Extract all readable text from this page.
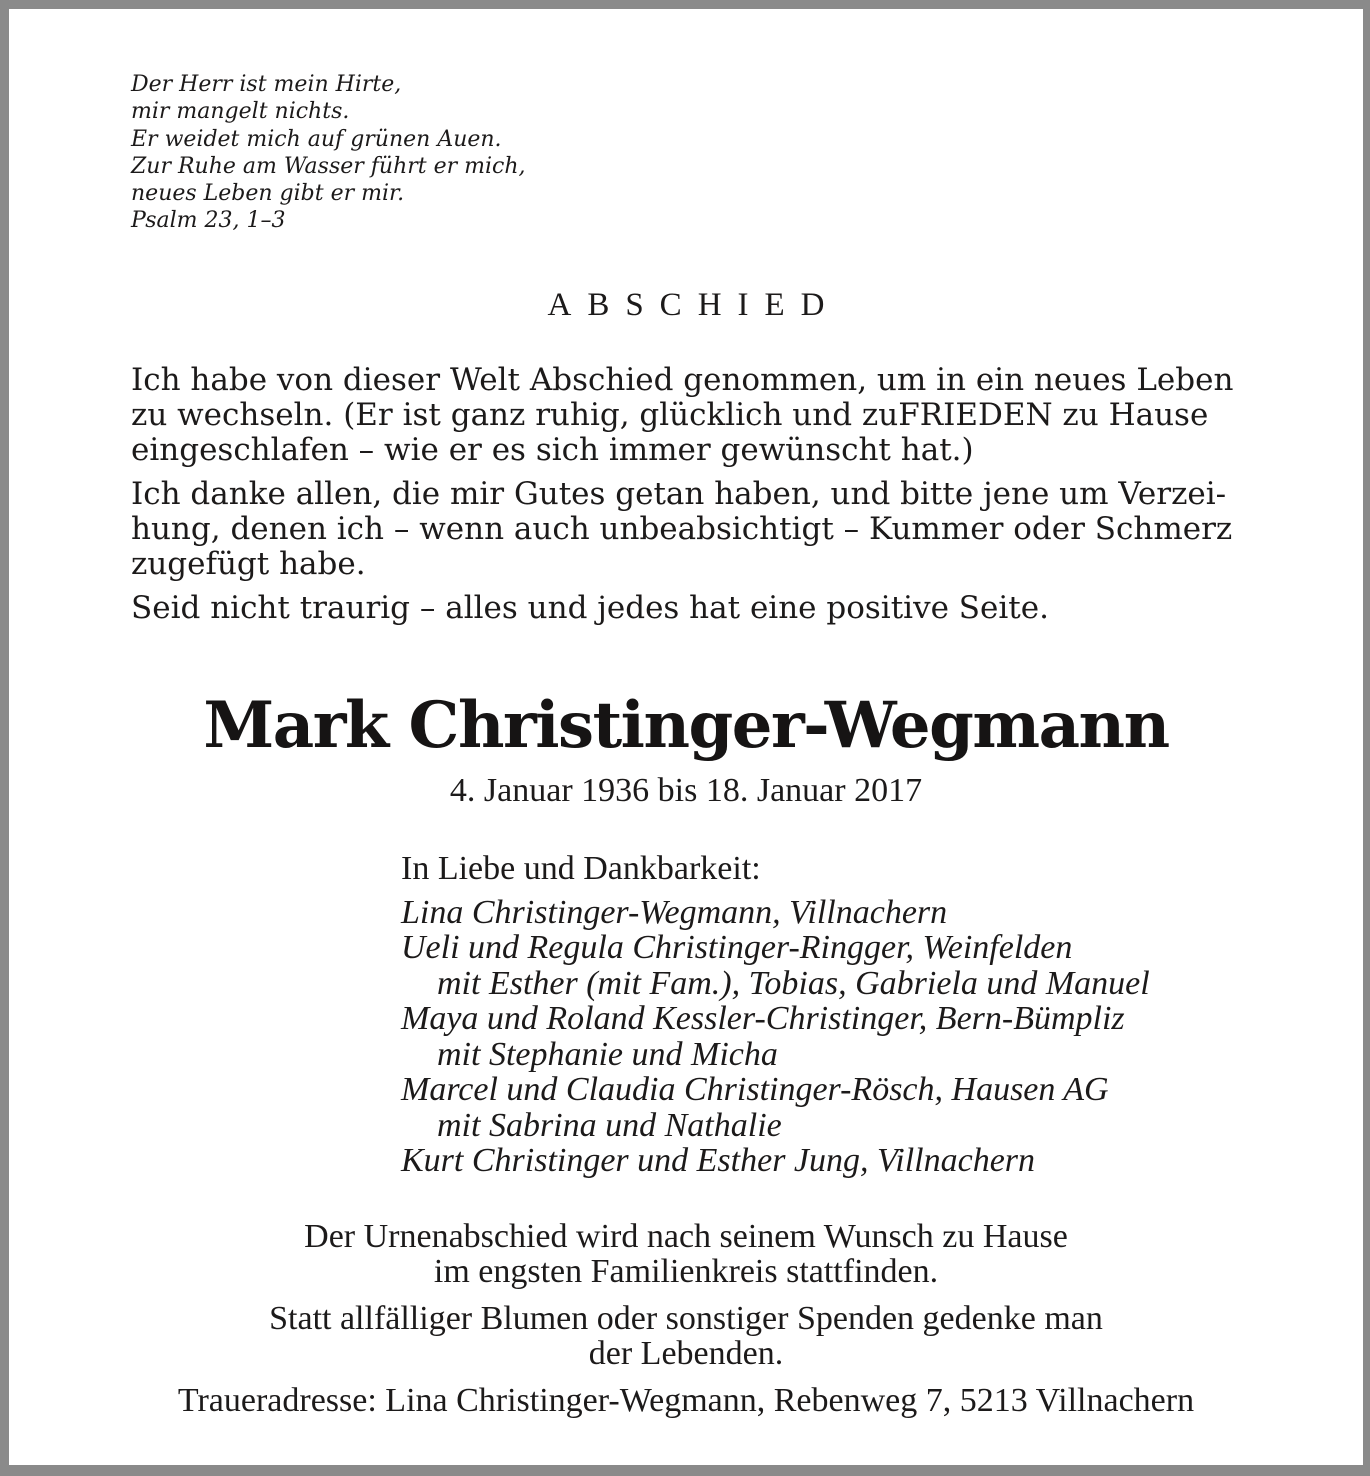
Der Herr ist mein Hirte,
mir mangelt nichts.
Er weidet mich auf grünen Auen.
Zur Ruhe am Wasser führt er mich,
neues Leben gibt er mir.
Psalm 23, 1–3
ABSCHIED
Ich habe von dieser Welt Abschied genommen, um in ein neues Leben
zu wechseln. (Er ist ganz ruhig, glücklich und zuFRIEDEN zu Hause
eingeschlafen – wie er es sich immer gewünscht hat.)
Ich danke allen, die mir Gutes getan haben, und bitte jene um Verzei-
hung, denen ich – wenn auch unbeabsichtigt – Kummer oder Schmerz
zugefügt habe.
Seid nicht traurig – alles und jedes hat eine positive Seite.
Mark Christinger-Wegmann
4. Januar 1936 bis 18. Januar 2017
In Liebe und Dankbarkeit:
Lina Christinger-Wegmann, Villnachern
Ueli und Regula Christinger-Ringger, Weinfelden
mit Esther (mit Fam.), Tobias, Gabriela und Manuel
Maya und Roland Kessler-Christinger, Bern-Bümpliz
mit Stephanie und Micha
Marcel und Claudia Christinger-Rösch, Hausen AG
mit Sabrina und Nathalie
Kurt Christinger und Esther Jung, Villnachern
Der Urnenabschied wird nach seinem Wunsch zu Hause
im engsten Familienkreis stattfinden.
Statt allfälliger Blumen oder sonstiger Spenden gedenke man
der Lebenden.
Traueradresse: Lina Christinger-Wegmann, Rebenweg 7, 5213 Villnachern
